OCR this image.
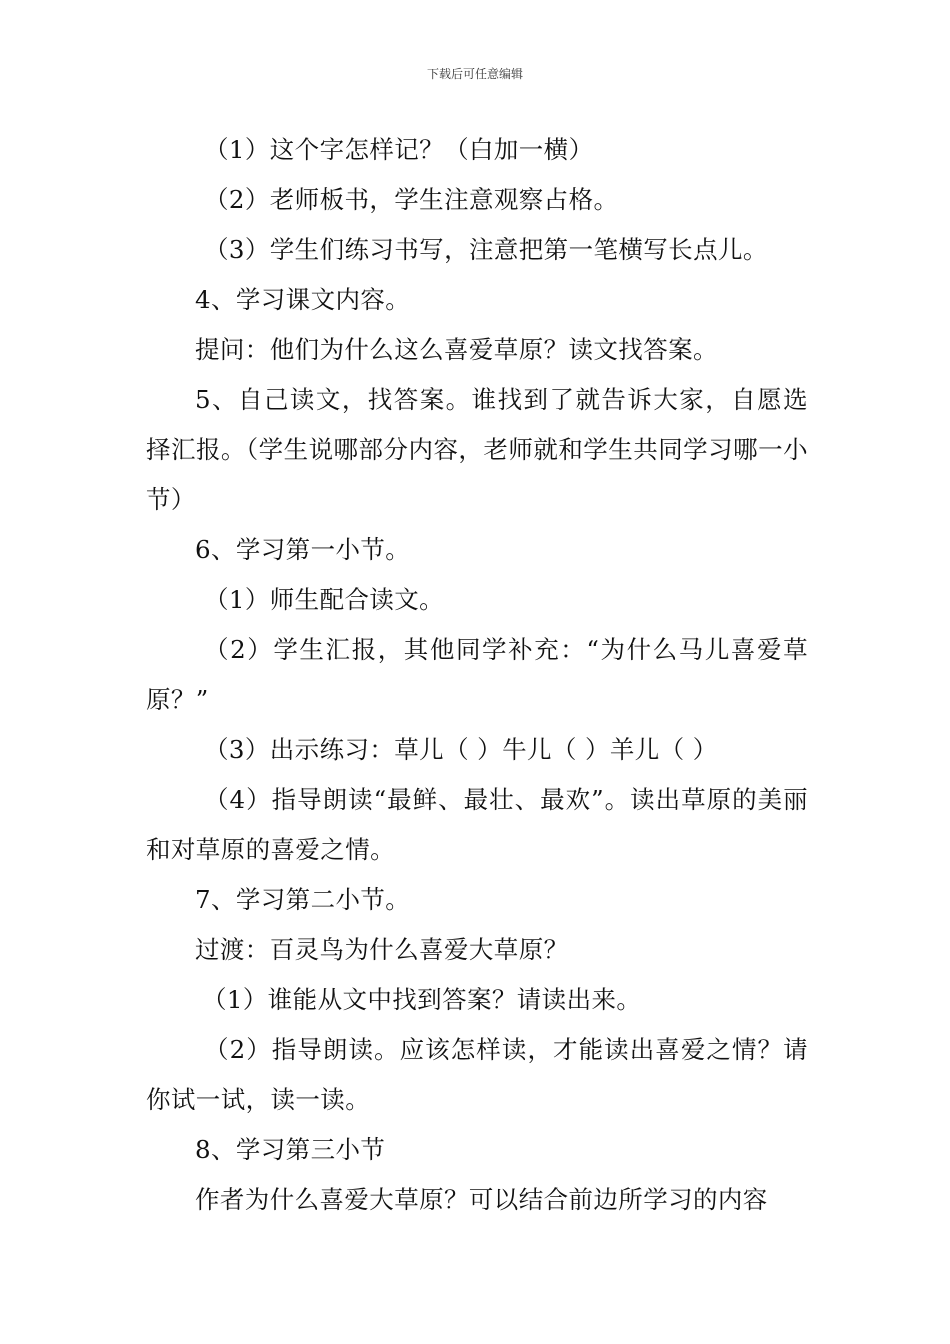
下载后可任意编辑

（1）这个字怎样记？（白加一横）

（2）老师板书，学生注意观察占格。

（3）学生们练习书写，注意把第一笔横写长点儿。

4、学习课文内容。

提问：他们为什么这么喜爱草原？读文找答案。

5、自己读文，找答案。谁找到了就告诉大家，自愿选择汇报。（学生说哪部分内容，老师就和学生共同学习哪一小节）

6、学习第一小节。

（1）师生配合读文。

（2）学生汇报，其他同学补充：“为什么马儿喜爱草原？”

（3）出示练习：草儿（ ）牛儿（ ）羊儿（ ）

（4）指导朗读“最鲜、最壮、最欢”。读出草原的美丽和对草原的喜爱之情。

7、学习第二小节。

过渡：百灵鸟为什么喜爱大草原？

（1）谁能从文中找到答案？请读出来。

（2）指导朗读。应该怎样读，才能读出喜爱之情？请你试一试，读一读。

8、学习第三小节

作者为什么喜爱大草原？可以结合前边所学习的内容
